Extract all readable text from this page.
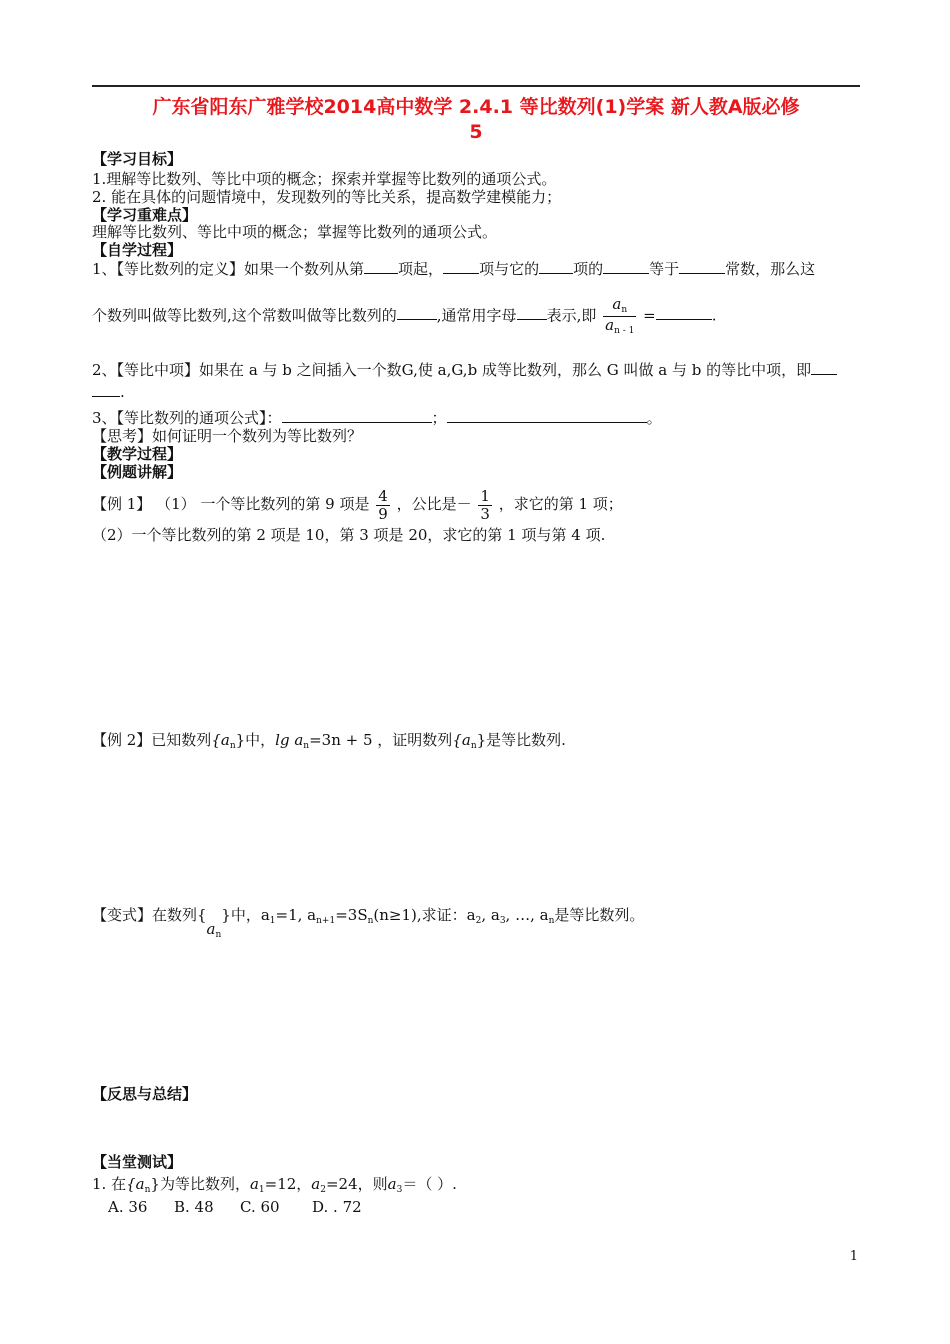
广东省阳东广雅学校2014高中数学 2.4.1 等比数列(1)学案 新人教A版必修
5
【学习目标】
1.理解等比数列、等比中项的概念；探索并掌握等比数列的通项公式。
2. 能在具体的问题情境中，发现数列的等比关系，提高数学建模能力；
【学习重难点】
理解等比数列、等比中项的概念；掌握等比数列的通项公式。
【自学过程】
1、【等比数列的定义】如果一个数列从第 项起， 项与它的 项的	等于	常数，那么这
个数列叫做等比数列,这个常数叫做等比数列的	,通常用字母 表示,即 $\frac{a_n}{a_{n - 1}}$ =	.
2、【等比中项】如果在 a 与 b 之间插入一个数G,使 a,G,b 成等比数列，那么 G 叫做 a 与 b 的等比中项，即
.
3、【等比数列的通项公式】：	；	。
【思考】如何证明一个数列为等比数列？
【教学过程】
【例题讲解】
【例 1】 （1） 一个等比数列的第 9 项是 $\frac{4}{9}$ ，公比是－ $\frac{1}{3}$ ，求它的第 1 项；
（2）一个等比数列的第 2 项是 10，第 3 项是 20，求它的第 1 项与第 4 项.
【例 2】已知数列$\{a_n\}$中，$\lg a_n=3n + 5$ ，证明数列$\{a_n\}$是等比数列.
【变式】在数列$\{a_n\}$中，$a_1=1$, $a_{n+1}=3S_n(n\ge 1)$,求证：$a_2$, $a_3$, …, $a_n$是等比数列。
【反思与总结】
【当堂测试】
1. 在$\{a_n\}$为等比数列，$a_1=12$，$a_2=24$，则$a_3=$（ ）.
A. 36 B. 48 C. 60 D. . 72
1
